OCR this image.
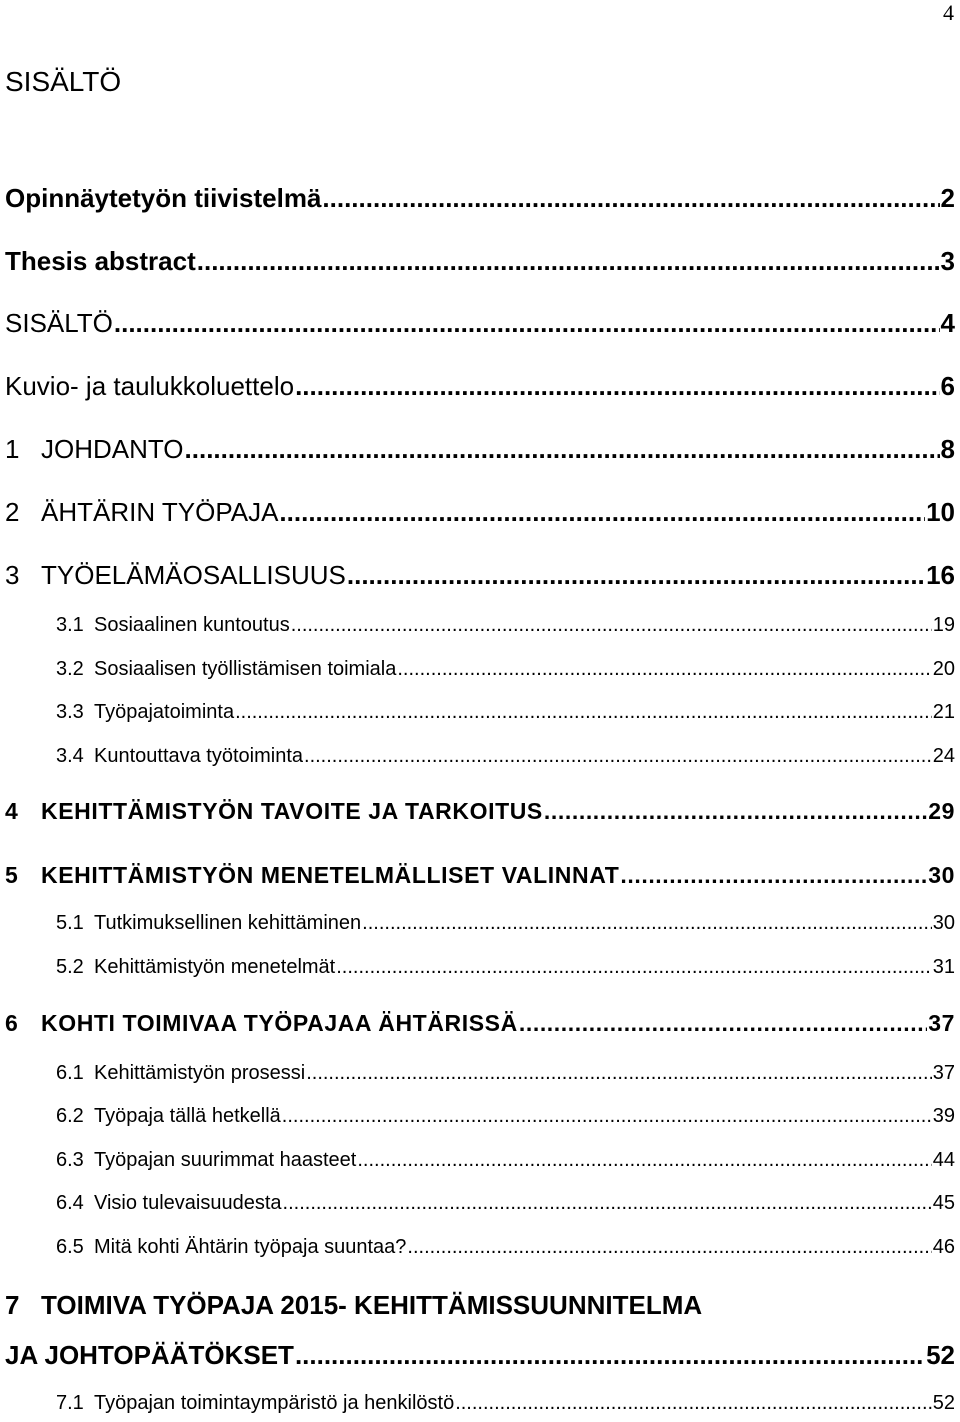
4
SISÄLTÖ
Opinnäytetyön tiivistelmä .....	2
Thesis abstract .....	3
SISÄLTÖ .....	4
Kuvio- ja taulukkoluettelo .....	6
1 JOHDANTO .....	8
2 ÄHTÄRIN TYÖPAJA .....	10
3 TYÖELÄMÄOSALLISUUS .....	16
3.1 Sosiaalinen kuntoutus .....	19
3.2 Sosiaalisen työllistämisen toimiala .....	20
3.3 Työpajatoiminta .....	21
3.4 Kuntouttava työtoiminta .....	24
4 KEHITTÄMISTYÖN TAVOITE JA TARKOITUS .....	29
5 KEHITTÄMISTYÖN MENETELMÄLLISET VALINNAT .....	30
5.1 Tutkimuksellinen kehittäminen .....	30
5.2 Kehittämistyön menetelmät .....	31
6 KOHTI TOIMIVAA TYÖPAJAA ÄHTÄRISSÄ .....	37
6.1 Kehittämistyön prosessi .....	37
6.2 Työpaja tällä hetkellä .....	39
6.3 Työpajan suurimmat haasteet .....	44
6.4 Visio tulevaisuudesta .....	45
6.5 Mitä kohti Ähtärin työpaja suuntaa? .....	46
7 TOIMIVA TYÖPAJA 2015- KEHITTÄMISSUUNNITELMA
JA JOHTOPÄÄTÖKSET .....	52
7.1 Työpajan toimintaympäristö ja henkilöstö .....	52
